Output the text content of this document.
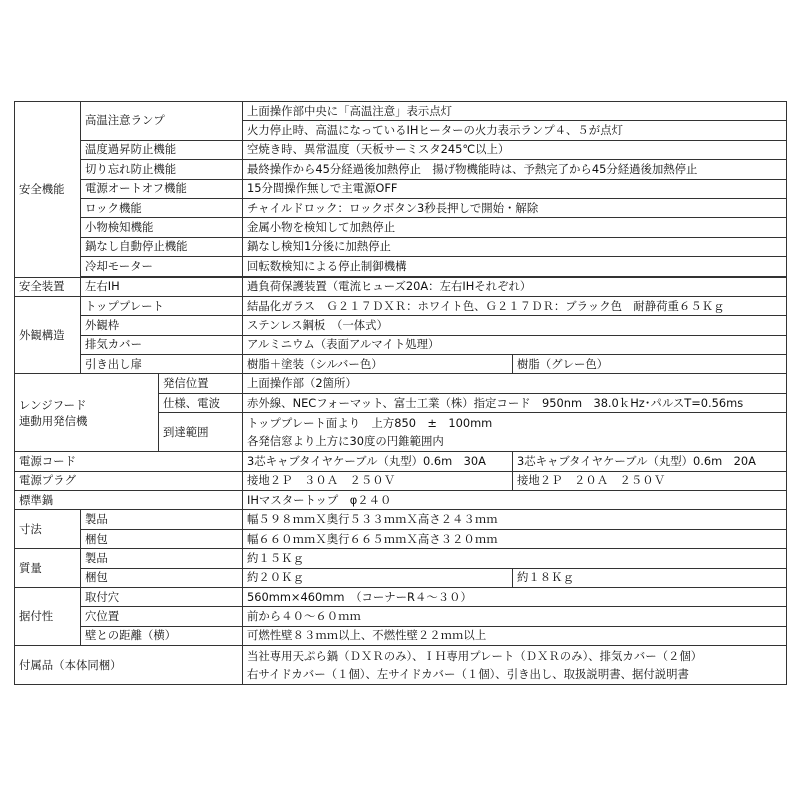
安全機能	高温注意ランプ		上面操作部中央に「高温注意」表示点灯	
			火力停止時、高温になっているIHヒーターの火力表示ランプ４、５が点灯	
	温度過昇防止機能		空焼き時、異常温度（天板サーミスタ245℃以上）	
	切り忘れ防止機能		最終操作から45分経過後加熱停止　揚げ物機能時は、予熱完了から45分経過後加熱停止	
	電源オートオフ機能		15分間操作無しで主電源OFF	
	ロック機能		チャイルドロック：ロックボタン3秒長押しで開始・解除	
	小物検知機能		金属小物を検知して加熱停止	
	鍋なし自動停止機能		鍋なし検知1分後に加熱停止	
	冷却モーター		回転数検知による停止制御機構	

安全装置	左右IH		過負荷保護装置（電流ヒューズ20A：左右IHそれぞれ）	
外観構造	トッププレート		結晶化ガラス　Ｇ２１７ＤＸＲ：ホワイト色、Ｇ２１７ＤＲ：ブラック色　耐静荷重６５Ｋｇ	
	外観枠		ステンレス鋼板　（一体式）	
	排気カバー		アルミニウム（表面アルマイト処理）	
	引き出し扉		樹脂＋塗装（シルバー色）	樹脂（グレー色）
レンジフード
連動用発信機		発信位置	上面操作部（2箇所）	
		仕様、電波	赤外線、NECフォーマット、富士工業（株）指定コード　950nm　38.0ｋHz･パルスT=0.56ms	
		到達範囲	トッププレート面より　上方850　±　100mm
各発信窓より上方に30度の円錐範囲内	
電源コード			3芯キャブタイヤケーブル（丸型）0.6m　30A	3芯キャブタイヤケーブル（丸型）0.6m　20A
電源プラグ			接地２Ｐ　３０Ａ　２５０Ｖ	接地２Ｐ　２０Ａ　２５０Ｖ
標準鍋			IHマスタートップ　φ２４０	
寸法	製品		幅５９８ｍｍＸ奥行５３３ｍｍＸ高さ２４３ｍｍ	
	梱包		幅６６０ｍｍＸ奥行６６５ｍｍＸ高さ３２０ｍｍ	
質量	製品		約１５Ｋｇ	
	梱包		約２０Ｋｇ	約１８Ｋｇ
据付性	取付穴		560mm×460mm　（コーナーR４～３０）	
	穴位置		前から４０～６０ｍｍ	
	壁との距離（横）		可燃性壁８３ｍｍ以上、不燃性壁２２ｍｍ以上	
付属品（本体同梱）			当社専用天ぷら鍋（ＤＸＲのみ）、ＩＨ専用プレート（ＤＸＲのみ）、排気カバー（２個）
右サイドカバー（１個）、左サイドカバー（１個）、引き出し、取扱説明書、据付説明書	
